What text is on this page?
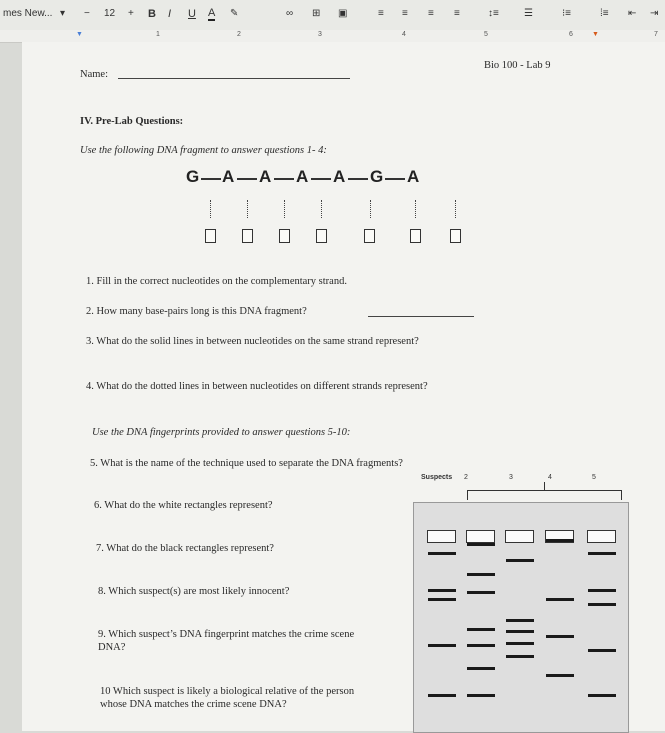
mes New... ▾ − 12 + B I U A ✎	∞ ⊞ ▣	≡ ≡ ≡ ≡	↕≡	☰	⁝≡	⁞≡ ⇤ ⇥
▼	1	2	3	4	5	6	▼	7
Name:
Bio 100 - Lab 9
IV. Pre-Lab Questions:
Use the following DNA fragment to answer questions 1- 4:
G A A A A G A
1. Fill in the correct nucleotides on the complementary strand.
2. How many base-pairs long is this DNA fragment?
3. What do the solid lines in between nucleotides on the same strand represent?
4. What do the dotted lines in between nucleotides on different strands represent?
Use the DNA fingerprints provided to answer questions 5-10:
5. What is the name of the technique used to separate the DNA fragments?
6. What do the white rectangles represent?
7. What do the black rectangles represent?
8. Which suspect(s) are most likely innocent?
9. Which suspect’s DNA fingerprint matches the crime scene
DNA?
10 Which suspect is likely a biological relative of the person
whose DNA matches the crime scene DNA?
Suspects 2	3	4	5
